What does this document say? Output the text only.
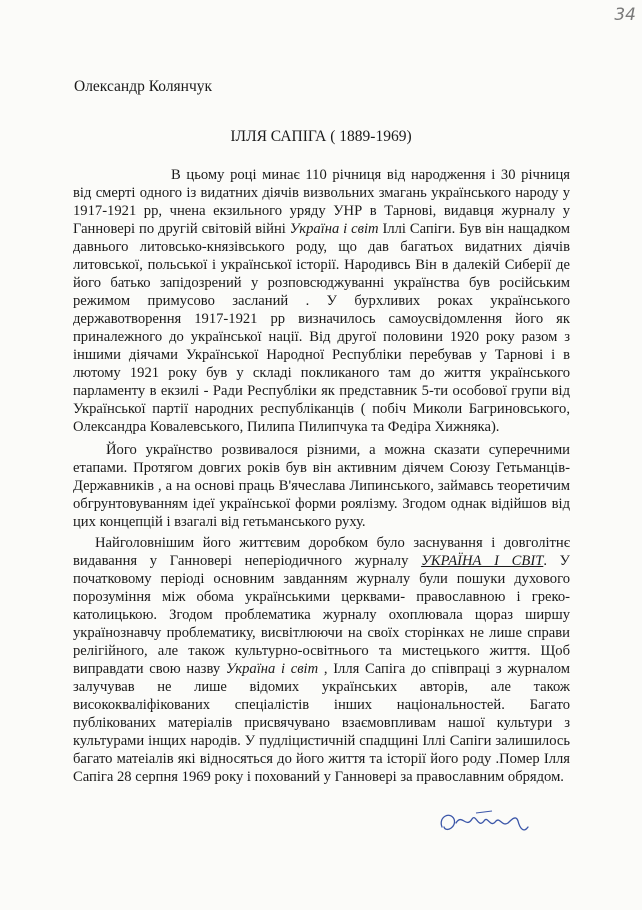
34
Олександр Колянчук
ІЛЛЯ САПІГА ( 1889-1969)

В цьому році минає 110 річниця від народження і 30 річниця від смерті одного із видатних діячів визвольних змагань українського народу у 1917-1921 рр, чнена екзильного уряду УНР в Тарнові, видавця журналу у Ганновері по другій світовій війні Україна і світ Іллі Сапіги. Був він нащадком давнього литовсько-князівського роду, що дав багатьох видатних діячів литовської, польської і української історії. Народивсь Він в далекій Сиберії де його батько запідозрений у розповсюджуванні українства був російським режимом примусово засланий . У бурхливих роках українського державотворення 1917-1921 рр визначилось самоусвідомлення його як приналежного до української нації. Від другої половини 1920 року разом з іншими діячами Української Народної Республіки перебував у Тарнові і в лютому 1921 року був у складі покликаного там до життя українського парламенту в екзилі - Ради Республіки як представник 5-ти особової групи від Української партії народних республіканців ( побіч Миколи Багриновського, Олександра Ковалевського, Пилипа Пилипчука та Федіра Хижняка).

Його українство розвивалося різними, а можна сказати суперечними етапами. Протягом довгих років був він активним діячем Союзу Гетьманців-Державників , а на основі праць В'ячеслава Липинського, займавсь теоретичим обгрунтовуванням ідеї української форми роялізму. Згодом однак відійшов від цих концепцій і взагалі від гетьманського руху.

Найголовнішим його життєвим доробком було заснування і довголітнє видавання у Ганновері неперіодичного журналу УКРАЇНА І СВІТ. У початковому періоді основним завданням журналу були пошуки духового порозуміння між обома українськими церквами- православною і греко-католицькою. Згодом проблематика журналу охоплювала щораз ширшу українознавчу проблематику, висвітлюючи на своїх сторінках не лише справи релігійного, але також культурно-освітнього та мистецького життя. Щоб виправдати свою назву Україна і світ , Ілля Сапіга до співпраці з журналом залучував не лише відомих українських авторів, але також висококваліфікованих спеціалістів інших національностей. Багато публікованих матеріалів присвячувано взаємовпливам нашої культури з культурами інщих народів. У пудліцистичній спадщині Іллі Сапіги залишилось багато матеіалів які відносяться до його життя та історії його роду .Помер Ілля Сапіга 28 серпня 1969 року і похований у Ганновері за православним обрядом.
